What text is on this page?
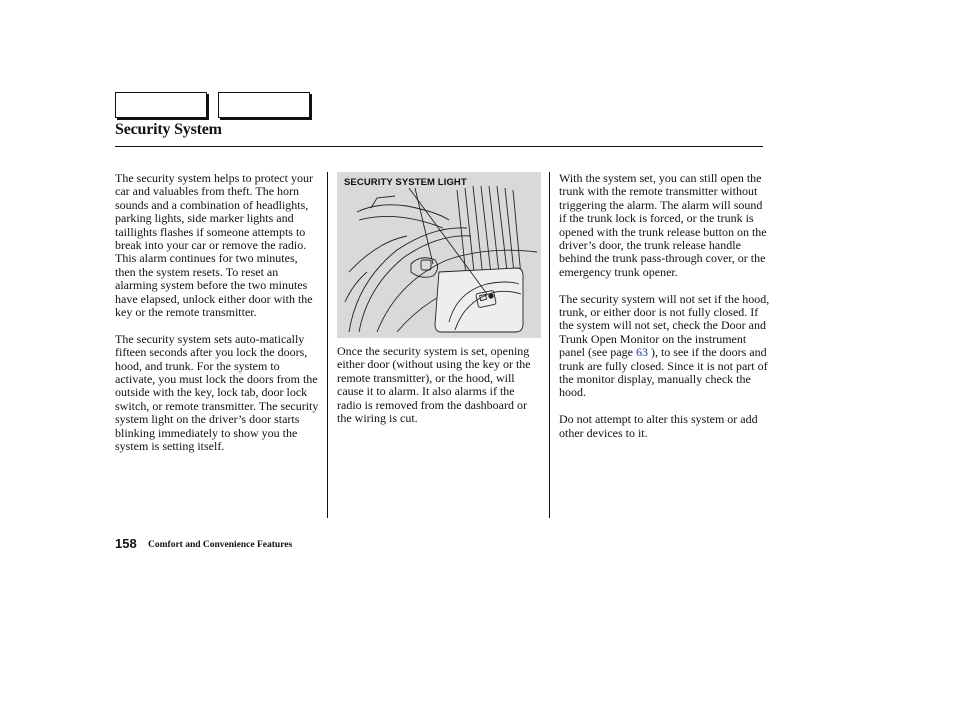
Security System

The security system helps to protect your car and valuables from theft. The horn sounds and a combination of headlights, parking lights, side marker lights and taillights flashes if someone attempts to break into your car or remove the radio. This alarm continues for two minutes, then the system resets. To reset an alarming system before the two minutes have elapsed, unlock either door with the key or the remote transmitter.

The security system sets auto-matically fifteen seconds after you lock the doors, hood, and trunk. For the system to activate, you must lock the doors from the outside with the key, lock tab, door lock switch, or remote transmitter. The security system light on the driver’s door starts blinking immediately to show you the system is setting itself.

SECURITY SYSTEM LIGHT

Once the security system is set, opening either door (without using the key or the remote transmitter), or the hood, will cause it to alarm. It also alarms if the radio is removed from the dashboard or the wiring is cut.

With the system set, you can still open the trunk with the remote transmitter without triggering the alarm. The alarm will sound if the trunk lock is forced, or the trunk is opened with the trunk release button on the driver’s door, the trunk release handle behind the trunk pass-through cover, or the emergency trunk opener.

The security system will not set if the hood, trunk, or either door is not fully closed. If the system will not set, check the Door and Trunk Open Monitor on the instrument panel (see page 63 ), to see if the doors and trunk are fully closed. Since it is not part of the monitor display, manually check the hood.

Do not attempt to alter this system or add other devices to it.

158 Comfort and Convenience Features
